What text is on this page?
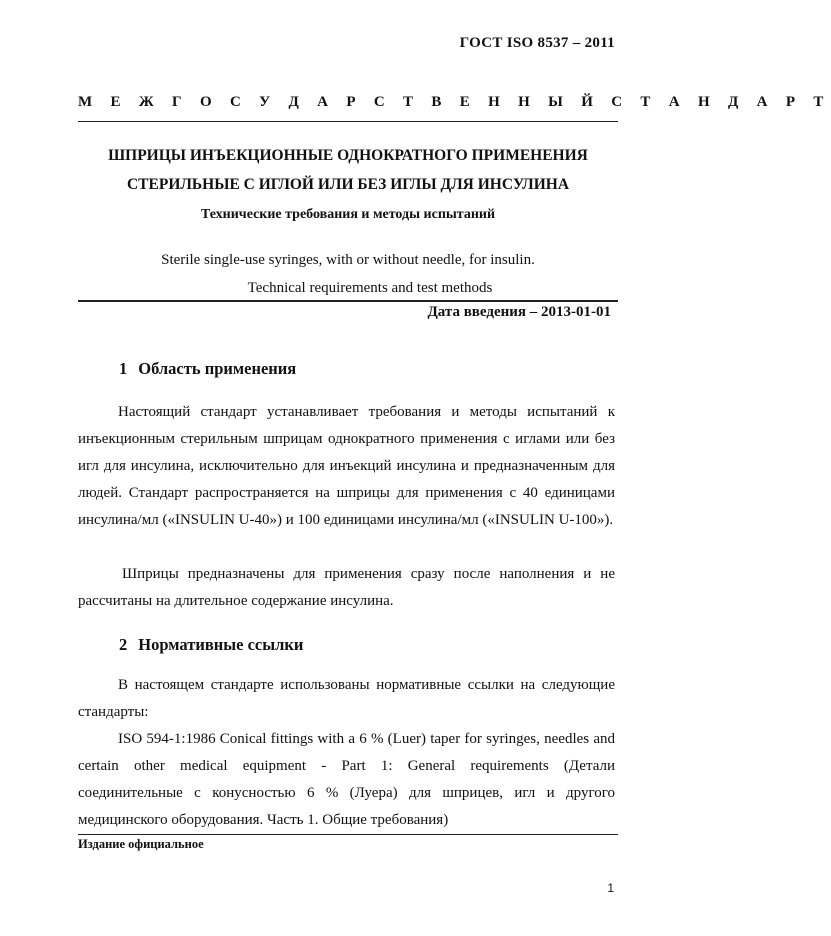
ГОСТ ISO 8537 – 2011
М Е Ж Г О С У Д А Р С Т В Е Н Н Ы Й С Т А Н Д А Р Т
ШПРИЦЫ ИНЪЕКЦИОННЫЕ ОДНОКРАТНОГО ПРИМЕНЕНИЯ
СТЕРИЛЬНЫЕ С ИГЛОЙ ИЛИ БЕЗ ИГЛЫ ДЛЯ ИНСУЛИНА
Технические требования и методы испытаний
Sterile single-use syringes, with or without needle, for insulin.
Technical requirements and test methods
Дата введения – 2013-01-01
1 Область применения

Настоящий стандарт устанавливает требования и методы испытаний к инъекционным стерильным шприцам однократного применения с иглами или без игл для инсулина, исключительно для инъекций инсулина и предназначенным для людей. Стандарт распространяется на шприцы для применения с 40 единицами инсулина/мл («INSULIN U-40») и 100 единицами инсулина/мл («INSULIN U-100»).

Шприцы предназначены для применения сразу после наполнения и не рассчитаны на длительное содержание инсулина.

2 Нормативные ссылки

В настоящем стандарте использованы нормативные ссылки на следующие стандарты:

ISO 594-1:1986 Conical fittings with a 6 % (Luer) taper for syringes, needles and certain other medical equipment - Part 1: General requirements (Детали соединительные с конусностью 6 % (Луера) для шприцев, игл и другого медицинского оборудования. Часть 1. Общие требования)

Издание официальное
1
